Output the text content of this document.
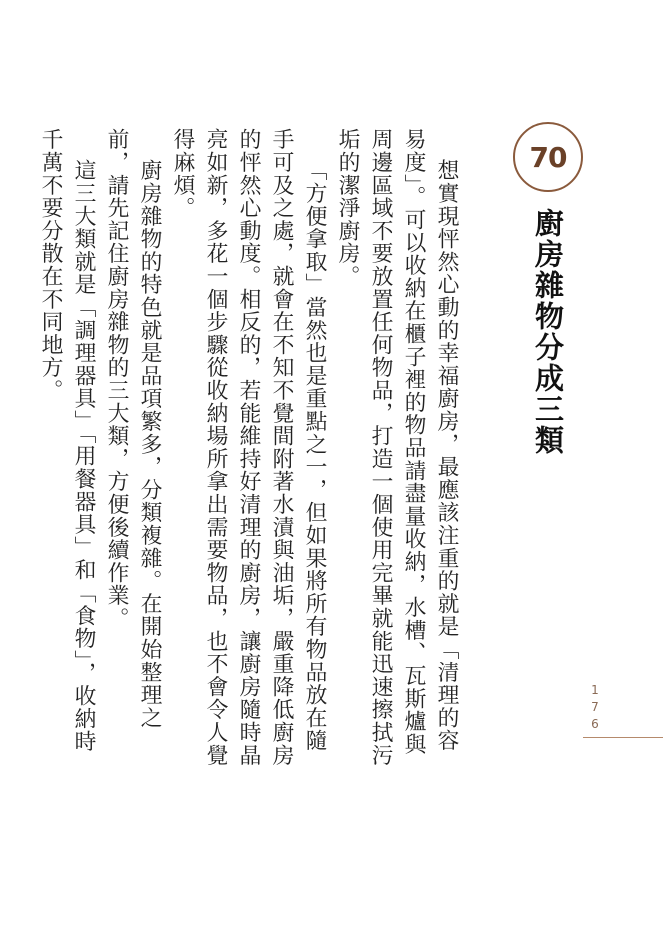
70
廚房雜物分成三類

想實現怦然心動的幸福廚房，最應該注重的就是「清理的容易度」。可以收納在櫃子裡的物品請盡量收納，水槽、瓦斯爐與周邊區域不要放置任何物品，打造一個使用完畢就能迅速擦拭污垢的潔淨廚房。

「方便拿取」當然也是重點之一，但如果將所有物品放在隨手可及之處，就會在不知不覺間附著水漬與油垢，嚴重降低廚房的怦然心動度。相反的，若能維持好清理的廚房，讓廚房隨時晶亮如新，多花一個步驟從收納場所拿出需要物品，也不會令人覺得麻煩。

廚房雜物的特色就是品項繁多，分類複雜。在開始整理之前，請先記住廚房雜物的三大類，方便後續作業。

這三大類就是「調理器具」「用餐器具」和「食物」，收納時千萬不要分散在不同地方。

176
